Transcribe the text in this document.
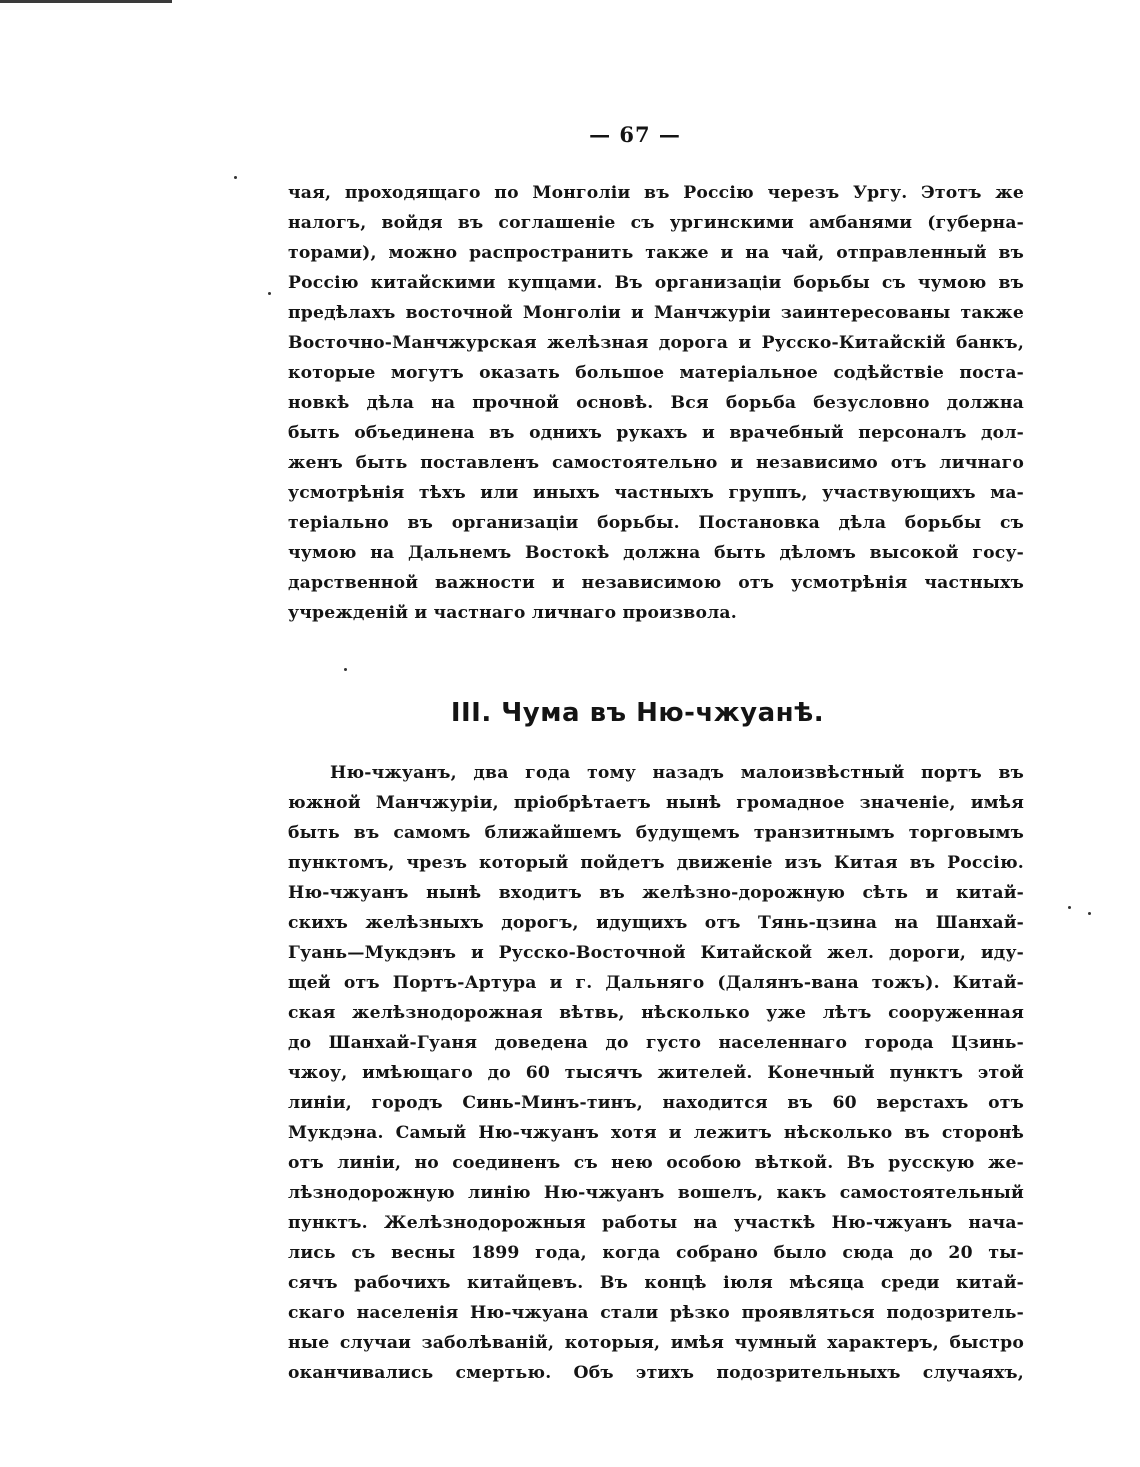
— 67 —
чая, проходящаго по Монголіи въ Россію черезъ Ургу. Этотъ же
налогъ, войдя въ соглашеніе съ ургинскими амбанями (губерна-
торами), можно распространить также и на чай, отправленный въ
Россію китайскими купцами. Въ организаціи борьбы съ чумою въ
предѣлахъ восточной Монголіи и Манчжуріи заинтересованы также
Восточно-Манчжурская желѣзная дорога и Русско-Китайскій банкъ,
которые могутъ оказать большое матеріальное содѣйствіе поста-
новкѣ дѣла на прочной основѣ. Вся борьба безусловно должна
быть объединена въ однихъ рукахъ и врачебный персоналъ дол-
женъ быть поставленъ самостоятельно и независимо отъ личнаго
усмотрѣнія тѣхъ или иныхъ частныхъ группъ, участвующихъ ма-
теріально въ организаціи борьбы. Постановка дѣла борьбы съ
чумою на Дальнемъ Востокѣ должна быть дѣломъ высокой госу-
дарственной важности и независимою отъ усмотрѣнія частныхъ
учрежденій и частнаго личнаго произвола.
III. Чума въ Ню-чжуанѣ.
Ню-чжуанъ, два года тому назадъ малоизвѣстный портъ въ
южной Манчжуріи, пріобрѣтаетъ нынѣ громадное значеніе, имѣя
быть въ самомъ ближайшемъ будущемъ транзитнымъ торговымъ
пунктомъ, чрезъ который пойдетъ движеніе изъ Китая въ Россію.
Ню-чжуанъ нынѣ входитъ въ желѣзно-дорожную сѣть и китай-
скихъ желѣзныхъ дорогъ, идущихъ отъ Тянь-цзина на Шанхай-
Гуань—Мукдэнъ и Русско-Восточной Китайской жел. дороги, иду-
щей отъ Портъ-Артура и г. Дальняго (Далянъ-вана тожъ). Китай-
ская желѣзнодорожная вѣтвь, нѣсколько уже лѣтъ сооруженная
до Шанхай-Гуаня доведена до густо населеннаго города Цзинь-
чжоу, имѣющаго до 60 тысячъ жителей. Конечный пунктъ этой
линіи, городъ Синь-Минъ-тинъ, находится въ 60 верстахъ отъ
Мукдэна. Самый Ню-чжуанъ хотя и лежитъ нѣсколько въ сторонѣ
отъ линіи, но соединенъ съ нею особою вѣткой. Въ русскую же-
лѣзнодорожную линію Ню-чжуанъ вошелъ, какъ самостоятельный
пунктъ. Желѣзнодорожныя работы на участкѣ Ню-чжуанъ нача-
лись съ весны 1899 года, когда собрано было сюда до 20 ты-
сячъ рабочихъ китайцевъ. Въ концѣ іюля мѣсяца среди китай-
скаго населенія Ню-чжуана стали рѣзко проявляться подозритель-
ные случаи заболѣваній, которыя, имѣя чумный характеръ, быстро
оканчивались смертью. Объ этихъ подозрительныхъ случаяхъ,
